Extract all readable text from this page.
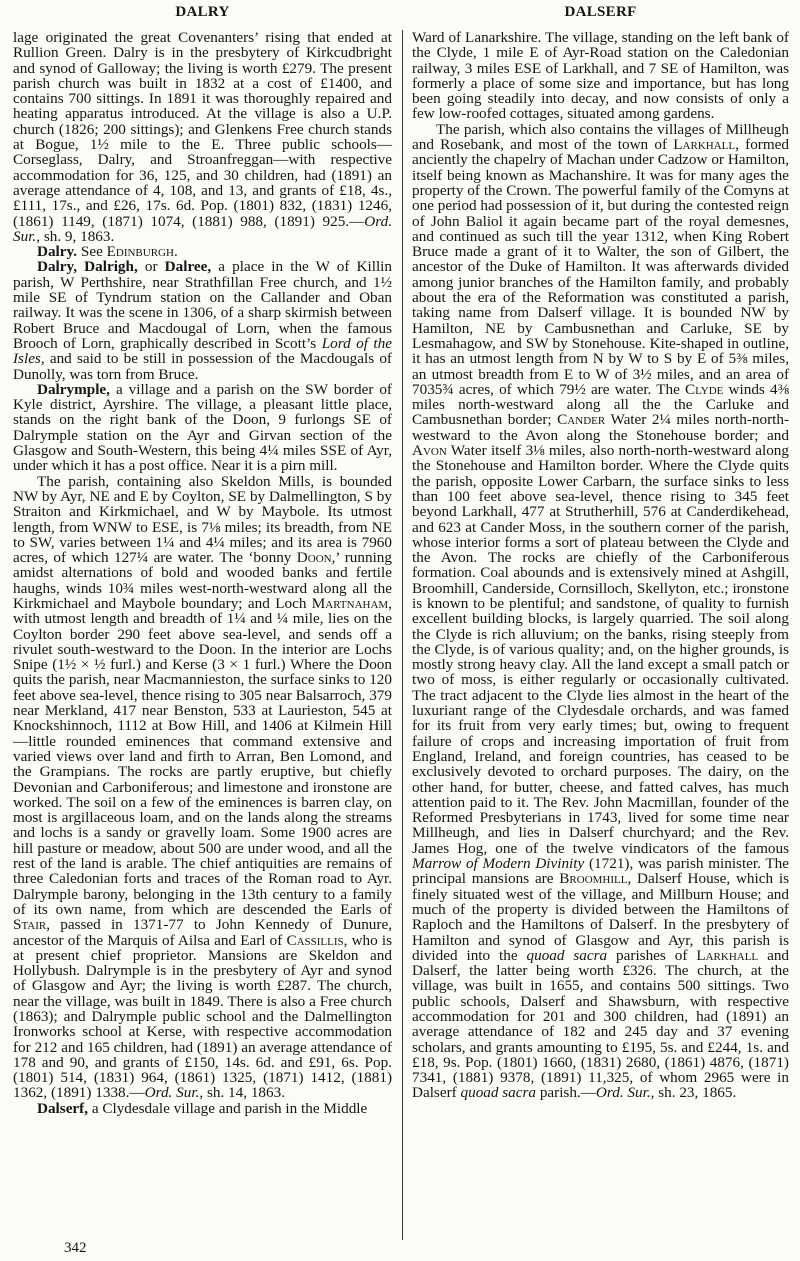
DALRY

lage originated the great Covenanters’ rising that ended at Rullion Green. Dalry is in the presbytery of Kirkcudbright and synod of Galloway; the living is worth £279. The present parish church was built in 1832 at a cost of £1400, and contains 700 sittings. In 1891 it was thoroughly repaired and heating apparatus introduced. At the village is also a U.P. church (1826; 200 sittings); and Glenkens Free church stands at Bogue, 1½ mile to the E. Three public schools—Corseglass, Dalry, and Stroanfreggan—with respective accommodation for 36, 125, and 30 children, had (1891) an average attendance of 4, 108, and 13, and grants of £18, 4s., £111, 17s., and £26, 17s. 6d. Pop. (1801) 832, (1831) 1246, (1861) 1149, (1871) 1074, (1881) 988, (1891) 925.—Ord. Sur., sh. 9, 1863.

Dalry. See Edinburgh.

Dalry, Dalrigh, or Dalree, a place in the W of Killin parish, W Perthshire, near Strathfillan Free church, and 1½ mile SE of Tyndrum station on the Callander and Oban railway. It was the scene in 1306, of a sharp skirmish between Robert Bruce and Macdougal of Lorn, when the famous Brooch of Lorn, graphically described in Scott’s Lord of the Isles, and said to be still in possession of the Macdougals of Dunolly, was torn from Bruce.

Dalrymple, a village and a parish on the SW border of Kyle district, Ayrshire. The village, a pleasant little place, stands on the right bank of the Doon, 9 furlongs SE of Dalrymple station on the Ayr and Girvan section of the Glasgow and South-Western, this being 4¼ miles SSE of Ayr, under which it has a post office. Near it is a pirn mill.

The parish, containing also Skeldon Mills, is bounded NW by Ayr, NE and E by Coylton, SE by Dalmellington, S by Straiton and Kirkmichael, and W by Maybole. Its utmost length, from WNW to ESE, is 7⅛ miles; its breadth, from NE to SW, varies between 1¼ and 4¼ miles; and its area is 7960 acres, of which 127¼ are water. The ‘bonny Doon,’ running amidst alternations of bold and wooded banks and fertile haughs, winds 10¾ miles west-north-westward along all the Kirkmichael and Maybole boundary; and Loch Martnaham, with utmost length and breadth of 1¼ and ¼ mile, lies on the Coylton border 290 feet above sea-level, and sends off a rivulet south-westward to the Doon. In the interior are Lochs Snipe (1½ × ½ furl.) and Kerse (3 × 1 furl.) Where the Doon quits the parish, near Macmannieston, the surface sinks to 120 feet above sea-level, thence rising to 305 near Balsarroch, 379 near Merkland, 417 near Benston, 533 at Laurieston, 545 at Knockshinnoch, 1112 at Bow Hill, and 1406 at Kilmein Hill—little rounded eminences that command extensive and varied views over land and firth to Arran, Ben Lomond, and the Grampians. The rocks are partly eruptive, but chiefly Devonian and Carboniferous; and limestone and ironstone are worked. The soil on a few of the eminences is barren clay, on most is argillaceous loam, and on the lands along the streams and lochs is a sandy or gravelly loam. Some 1900 acres are hill pasture or meadow, about 500 are under wood, and all the rest of the land is arable. The chief antiquities are remains of three Caledonian forts and traces of the Roman road to Ayr. Dalrymple barony, belonging in the 13th century to a family of its own name, from which are descended the Earls of Stair, passed in 1371-77 to John Kennedy of Dunure, ancestor of the Marquis of Ailsa and Earl of Cassillis, who is at present chief proprietor. Mansions are Skeldon and Hollybush. Dalrymple is in the presbytery of Ayr and synod of Glasgow and Ayr; the living is worth £287. The church, near the village, was built in 1849. There is also a Free church (1863); and Dalrymple public school and the Dalmellington Ironworks school at Kerse, with respective accommodation for 212 and 165 children, had (1891) an average attendance of 178 and 90, and grants of £150, 14s. 6d. and £91, 6s. Pop. (1801) 514, (1831) 964, (1861) 1325, (1871) 1412, (1881) 1362, (1891) 1338.—Ord. Sur., sh. 14, 1863.

Dalserf, a Clydesdale village and parish in the Middle

DALSERF

Ward of Lanarkshire. The village, standing on the left bank of the Clyde, 1 mile E of Ayr-Road station on the Caledonian railway, 3 miles ESE of Larkhall, and 7 SE of Hamilton, was formerly a place of some size and importance, but has long been going steadily into decay, and now consists of only a few low-roofed cottages, situated among gardens.

The parish, which also contains the villages of Millheugh and Rosebank, and most of the town of Larkhall, formed anciently the chapelry of Machan under Cadzow or Hamilton, itself being known as Machanshire. It was for many ages the property of the Crown. The powerful family of the Comyns at one period had possession of it, but during the contested reign of John Baliol it again became part of the royal demesnes, and continued as such till the year 1312, when King Robert Bruce made a grant of it to Walter, the son of Gilbert, the ancestor of the Duke of Hamilton. It was afterwards divided among junior branches of the Hamilton family, and probably about the era of the Reformation was constituted a parish, taking name from Dalserf village. It is bounded NW by Hamilton, NE by Cambusnethan and Carluke, SE by Lesmahagow, and SW by Stonehouse. Kite-shaped in outline, it has an utmost length from N by W to S by E of 5⅜ miles, an utmost breadth from E to W of 3½ miles, and an area of 7035¾ acres, of which 79½ are water. The Clyde winds 4⅜ miles north-westward along all the the Carluke and Cambusnethan border; Cander Water 2¼ miles north-north-westward to the Avon along the Stonehouse border; and Avon Water itself 3⅛ miles, also north-north-westward along the Stonehouse and Hamilton border. Where the Clyde quits the parish, opposite Lower Carbarn, the surface sinks to less than 100 feet above sea-level, thence rising to 345 feet beyond Larkhall, 477 at Strutherhill, 576 at Canderdikehead, and 623 at Cander Moss, in the southern corner of the parish, whose interior forms a sort of plateau between the Clyde and the Avon. The rocks are chiefly of the Carboniferous formation. Coal abounds and is extensively mined at Ashgill, Broomhill, Canderside, Cornsilloch, Skellyton, etc.; ironstone is known to be plentiful; and sandstone, of quality to furnish excellent building blocks, is largely quarried. The soil along the Clyde is rich alluvium; on the banks, rising steeply from the Clyde, is of various quality; and, on the higher grounds, is mostly strong heavy clay. All the land except a small patch or two of moss, is either regularly or occasionally cultivated. The tract adjacent to the Clyde lies almost in the heart of the luxuriant range of the Clydesdale orchards, and was famed for its fruit from very early times; but, owing to frequent failure of crops and increasing importation of fruit from England, Ireland, and foreign countries, has ceased to be exclusively devoted to orchard purposes. The dairy, on the other hand, for butter, cheese, and fatted calves, has much attention paid to it. The Rev. John Macmillan, founder of the Reformed Presbyterians in 1743, lived for some time near Millheugh, and lies in Dalserf churchyard; and the Rev. James Hog, one of the twelve vindicators of the famous Marrow of Modern Divinity (1721), was parish minister. The principal mansions are Broomhill, Dalserf House, which is finely situated west of the village, and Millburn House; and much of the property is divided between the Hamiltons of Raploch and the Hamiltons of Dalserf. In the presbytery of Hamilton and synod of Glasgow and Ayr, this parish is divided into the quoad sacra parishes of Larkhall and Dalserf, the latter being worth £326. The church, at the village, was built in 1655, and contains 500 sittings. Two public schools, Dalserf and Shawsburn, with respective accommodation for 201 and 300 children, had (1891) an average attendance of 182 and 245 day and 37 evening scholars, and grants amounting to £195, 5s. and £244, 1s. and £18, 9s. Pop. (1801) 1660, (1831) 2680, (1861) 4876, (1871) 7341, (1881) 9378, (1891) 11,325, of whom 2965 were in Dalserf quoad sacra parish.—Ord. Sur., sh. 23, 1865.

342
